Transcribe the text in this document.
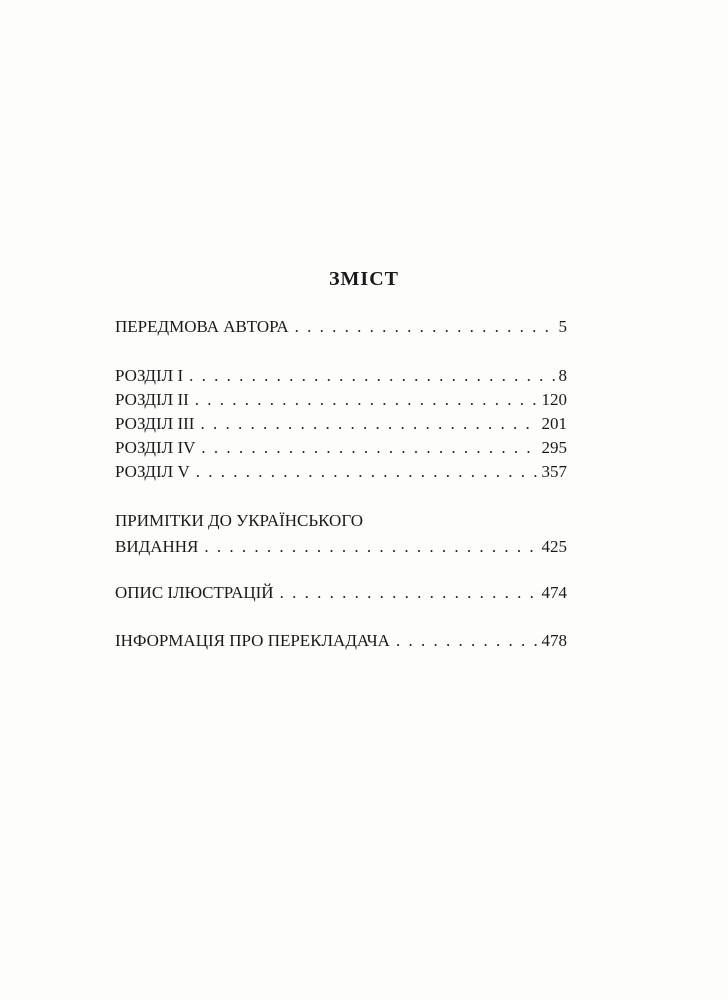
ЗМІСТ
ПЕРЕДМОВА АВТОРА . . .	5
РОЗДІЛ I . . .	8
РОЗДІЛ II . . .	120
РОЗДІЛ III . . .	201
РОЗДІЛ IV . . .	295
РОЗДІЛ V . . .	357
ПРИМІТКИ ДО УКРАЇНСЬКОГО
ВИДАННЯ . . .	425
ОПИС ІЛЮСТРАЦІЙ . . .	474
ІНФОРМАЦІЯ ПРО ПЕРЕКЛАДАЧА . . .	478
